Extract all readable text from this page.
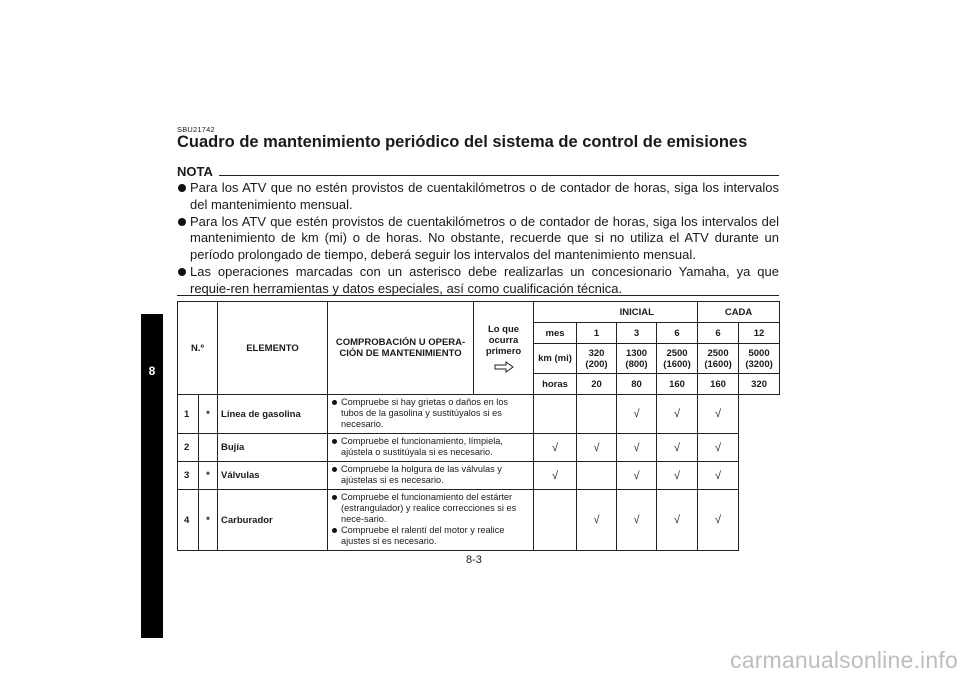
8
SBU21742
Cuadro de mantenimiento periódico del sistema de control de emisiones
NOTA
Para los ATV que no estén provistos de cuentakilómetros o de contador de horas, siga los intervalos del mantenimiento mensual.
Para los ATV que estén provistos de cuentakilómetros o de contador de horas, siga los intervalos del mantenimiento de km (mi) o de horas. No obstante, recuerde que si no utiliza el ATV durante un período prolongado de tiempo, deberá seguir los intervalos del mantenimiento mensual.
Las operaciones marcadas con un asterisco debe realizarlas un concesionario Yamaha, ya que requie-ren herramientas y datos especiales, así como cualificación técnica.
N.º		ELEMENTO	COMPROBACIÓN U OPERA-CIÓN DE MANTENIMIENTO	Lo que ocurra primero		INICIAL			CADA	
					mes	1	3	6	6	12
					km (mi)	320 (200)	1300 (800)	2500 (1600)	2500 (1600)	5000 (3200)
					horas	20	80	160	160	320
1	*	Línea de gasolina	Compruebe si hay grietas o daños en los tubos de la gasolina y sustitúyalos si es necesario.				√	√	√	
2		Bujía	Compruebe el funcionamiento, límpiela, ajústela o sustitúyala si es necesario.		√	√	√	√	√	
3	*	Válvulas	Compruebe la holgura de las válvulas y ajústelas si es necesario.		√		√	√	√	
4	*	Carburador	Compruebe el funcionamiento del estárter (estrangulador) y realice correcciones si es nece-sario.
Compruebe el ralentí del motor y realice ajustes si es necesario.			√	√	√	√	
8-3
carmanualsonline.info
